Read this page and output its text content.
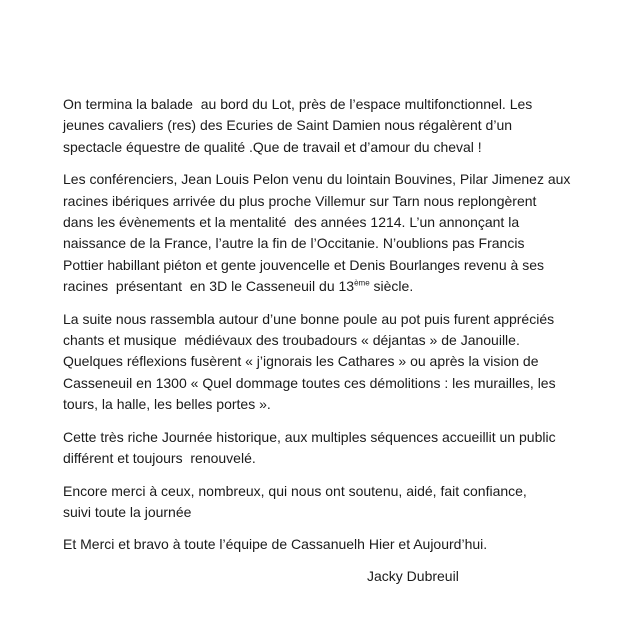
On termina la balade  au bord du Lot, près de l’espace multifonctionnel. Les
jeunes cavaliers (res) des Ecuries de Saint Damien nous régalèrent d’un
spectacle équestre de qualité .Que de travail et d’amour du cheval !
Les conférenciers, Jean Louis Pelon venu du lointain Bouvines, Pilar Jimenez aux
racines ibériques arrivée du plus proche Villemur sur Tarn nous replongèrent
dans les évènements et la mentalité  des années 1214. L’un annonçant la
naissance de la France, l’autre la fin de l’Occitanie. N’oublions pas Francis
Pottier habillant piéton et gente jouvencelle et Denis Bourlanges revenu à ses
racines  présentant  en 3D le Casseneuil du 13ème siècle.
La suite nous rassembla autour d’une bonne poule au pot puis furent appréciés
chants et musique  médiévaux des troubadours « déjantas » de Janouille.
Quelques réflexions fusèrent « j’ignorais les Cathares » ou après la vision de
Casseneuil en 1300 « Quel dommage toutes ces démolitions : les murailles, les
tours, la halle, les belles portes ».
Cette très riche Journée historique, aux multiples séquences accueillit un public
différent et toujours  renouvelé.
Encore merci à ceux, nombreux, qui nous ont soutenu, aidé, fait confiance,
suivi toute la journée
Et Merci et bravo à toute l’équipe de Cassanuelh Hier et Aujourd’hui.
Jacky Dubreuil
